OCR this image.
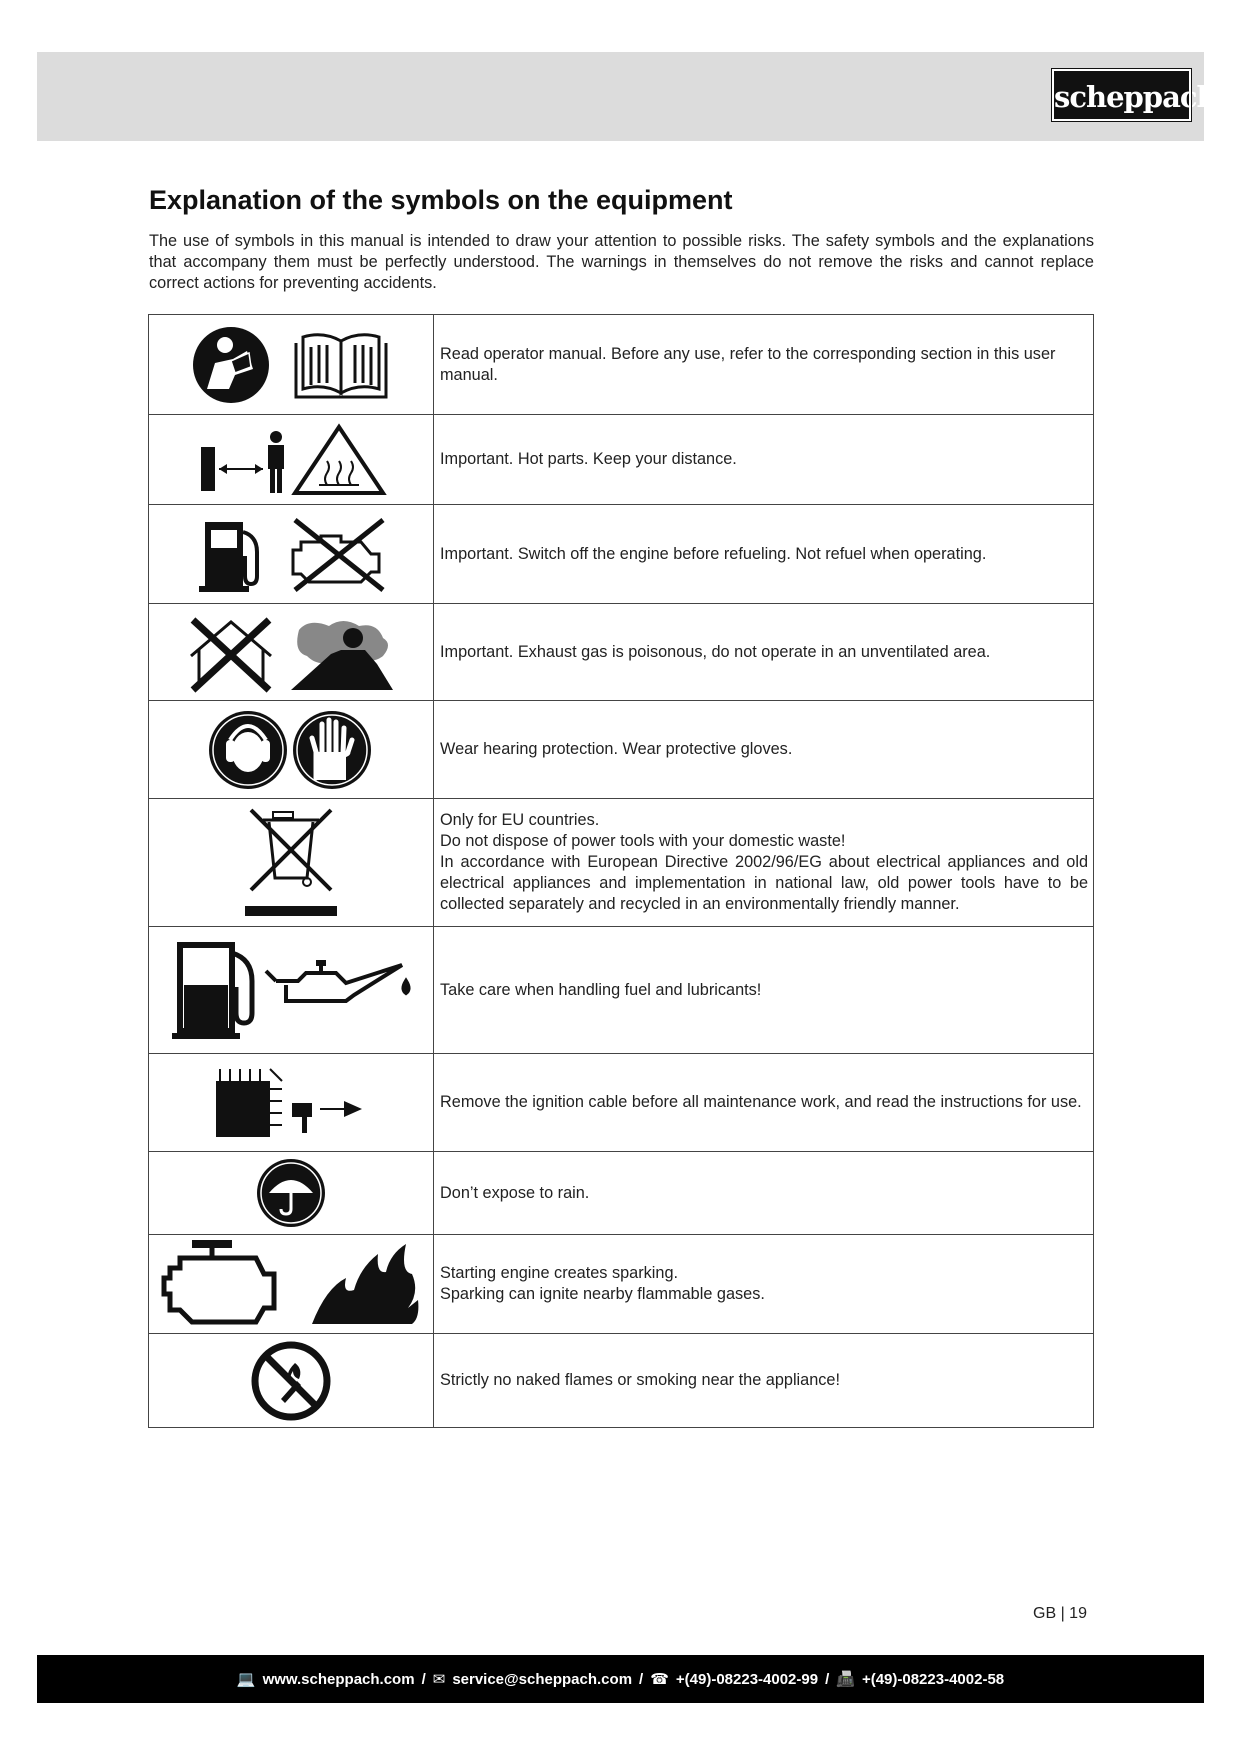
scheppach
Explanation of the symbols on the equipment

The use of symbols in this manual is intended to draw your attention to possible risks. The safety symbols and the explanations that accompany them must be perfectly understood. The warnings in themselves do not remove the risks and cannot replace correct actions for preventing accidents.

Read operator manual. Before any use, refer to the corresponding section in this user manual.

Important. Hot parts. Keep your distance.

Important. Switch off the engine before refueling. Not refuel when operating.

Important. Exhaust gas is poisonous, do not operate in an unventilated area.

Wear hearing protection. Wear protective gloves.

Only for EU countries.
Do not dispose of power tools with your domestic waste!
In accordance with European Directive 2002/96/EG about electrical appliances and old electrical appliances and implementation in national law, old power tools have to be collected separately and recycled in an environmentally friendly manner.

Take care when handling fuel and lubricants!

Remove the ignition cable before all maintenance work, and read the instructions for use.

Don’t expose to rain.

Starting engine creates sparking.
Sparking can ignite nearby flammable gases.

Strictly no naked flames or smoking near the appliance!
GB | 19
💻 www.scheppach.com / ✉ service@scheppach.com / ☎ +(49)-08223-4002-99 / 📠 +(49)-08223-4002-58
